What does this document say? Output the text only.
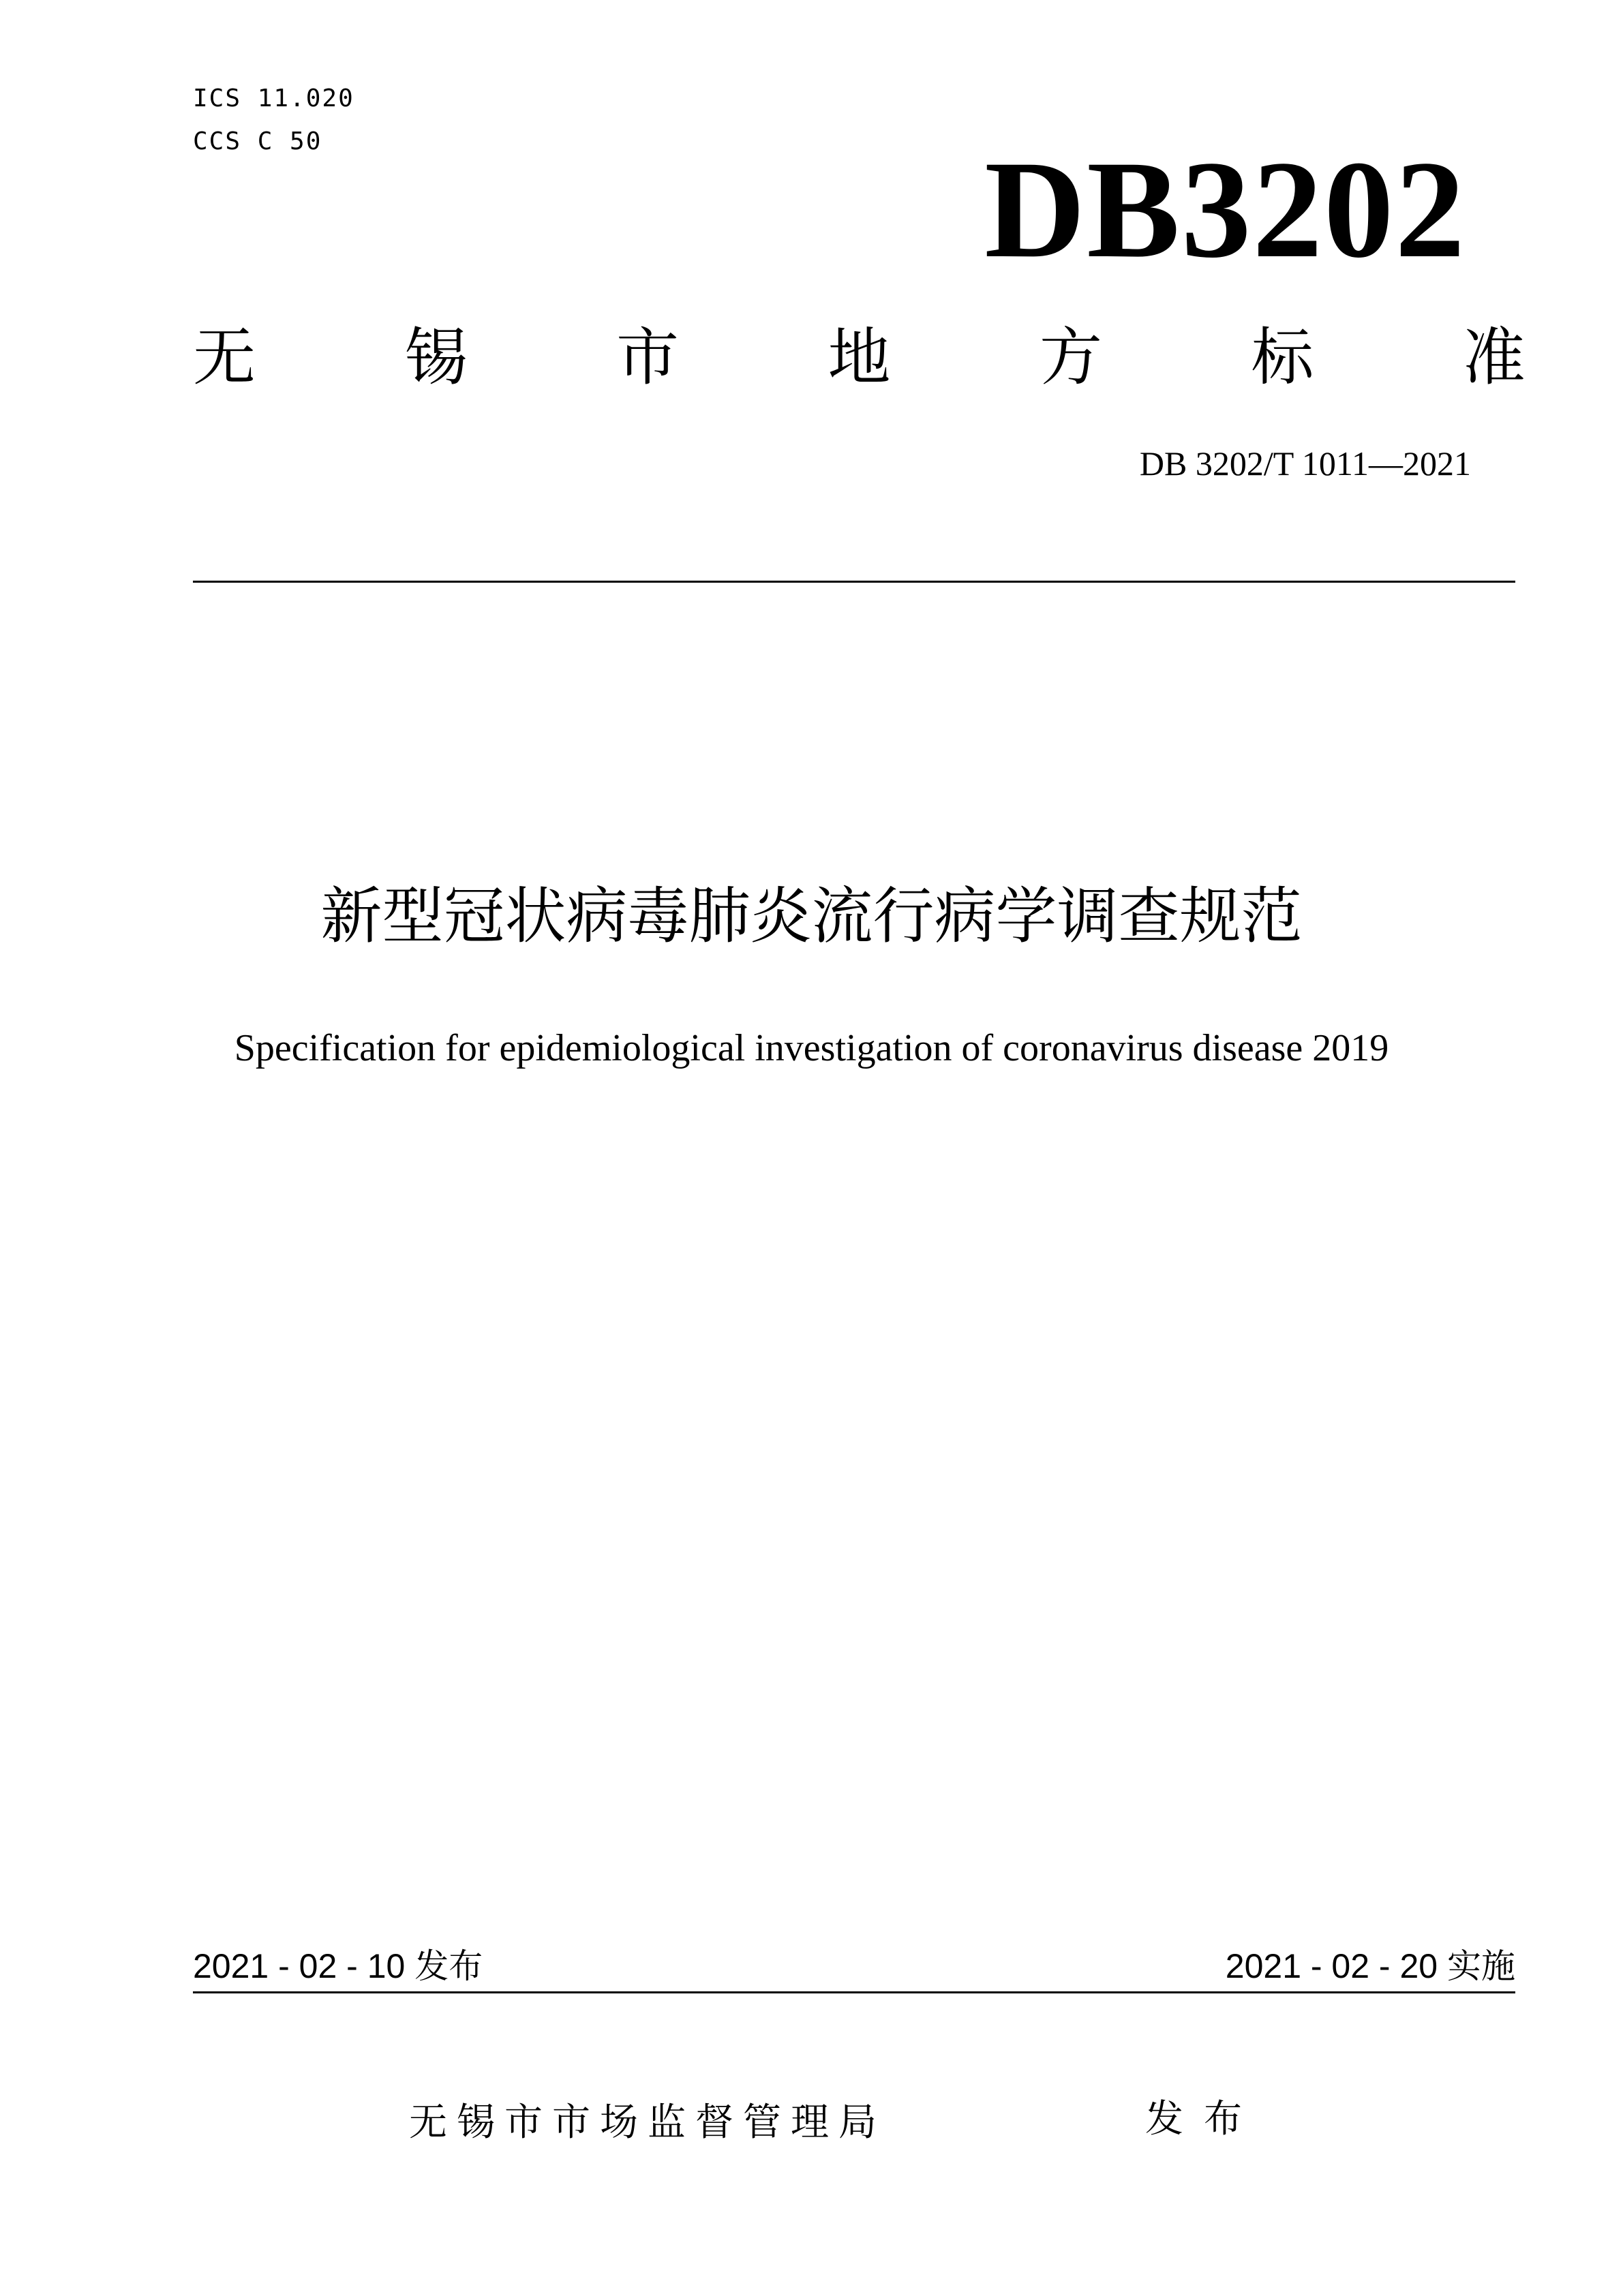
ICS 11.020
CCS C 50	DB3202
无 锡 市 地 方 标 准
DB 3202/T 1011—2021
新型冠状病毒肺炎流行病学调查规范
Specification for epidemiological investigation of coronavirus disease 2019
2021 - 02 - 10 发布	2021 - 02 - 20 实施
无锡市市场监督管理局	发布
